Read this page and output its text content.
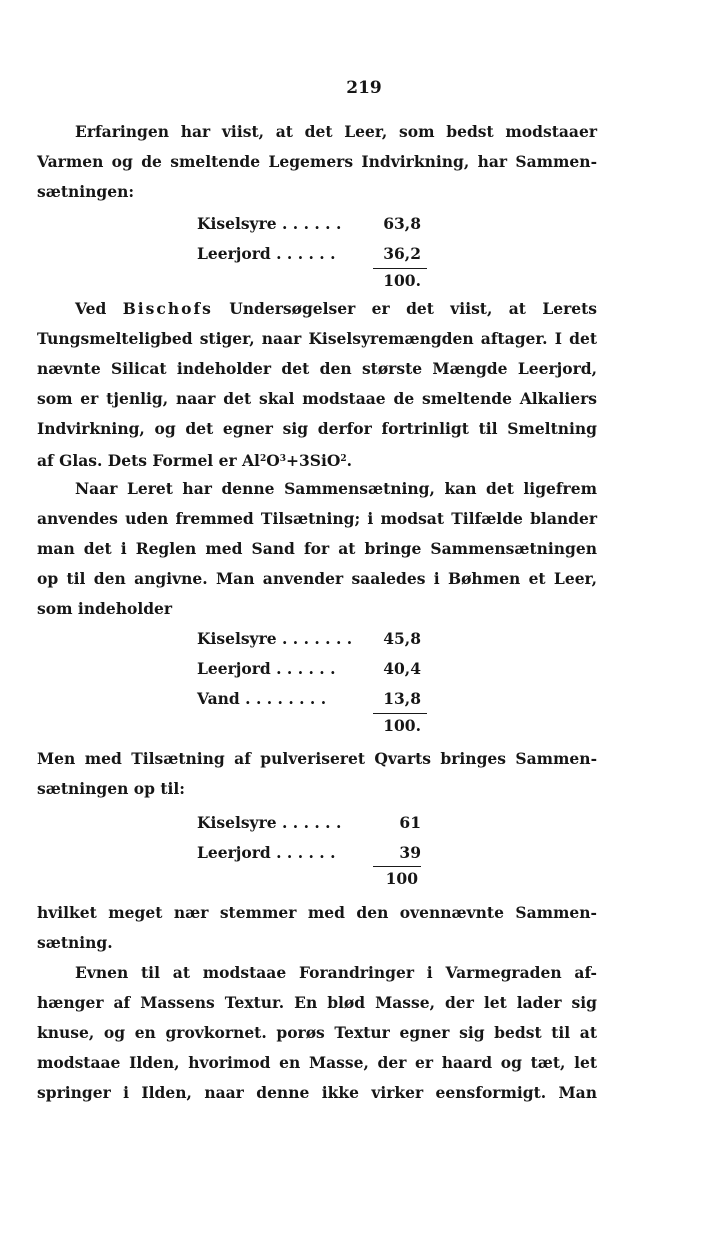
219
Erfaringen har viist, at det Leer, som bedst modstaaer
Varmen og de smeltende Legemers Indvirkning, har Sammen-
sætningen:
Kiselsyre . . . . . .	63,8
Leerjord . . . . . .	36,2
100.
Ved Bischofs Undersøgelser er det viist, at Lerets
Tungsmelteligbed stiger, naar Kiselsyremængden aftager. I det
nævnte Silicat indeholder det den største Mængde Leerjord,
som er tjenlig, naar det skal modstaae de smeltende Alkaliers
Indvirkning, og det egner sig derfor fortrinligt til Smeltning
af Glas. Dets Formel er $Al^2O^3+3SiO^2$.
Naar Leret har denne Sammensætning, kan det ligefrem
anvendes uden fremmed Tilsætning; i modsat Tilfælde blander
man det i Reglen med Sand for at bringe Sammensætningen
op til den angivne. Man anvender saaledes i Bøhmen et Leer,
som indeholder
Kiselsyre . . . . . . . 45,8
Leerjord . . . . . .	40,4
Vand . . . . . . . .	13,8
100.
Men med Tilsætning af pulveriseret Qvarts bringes Sammen-
sætningen op til:
Kiselsyre . . . . . .	61
Leerjord . . . . . .	39
100
hvilket meget nær stemmer med den ovennævnte Sammen-
sætning.
Evnen til at modstaae Forandringer i Varmegraden af-
hænger af Massens Textur. En blød Masse, der let lader sig
knuse, og en grovkornet. porøs Textur egner sig bedst til at
modstaae Ilden, hvorimod en Masse, der er haard og tæt, let
springer i Ilden, naar denne ikke virker eensformigt. Man
